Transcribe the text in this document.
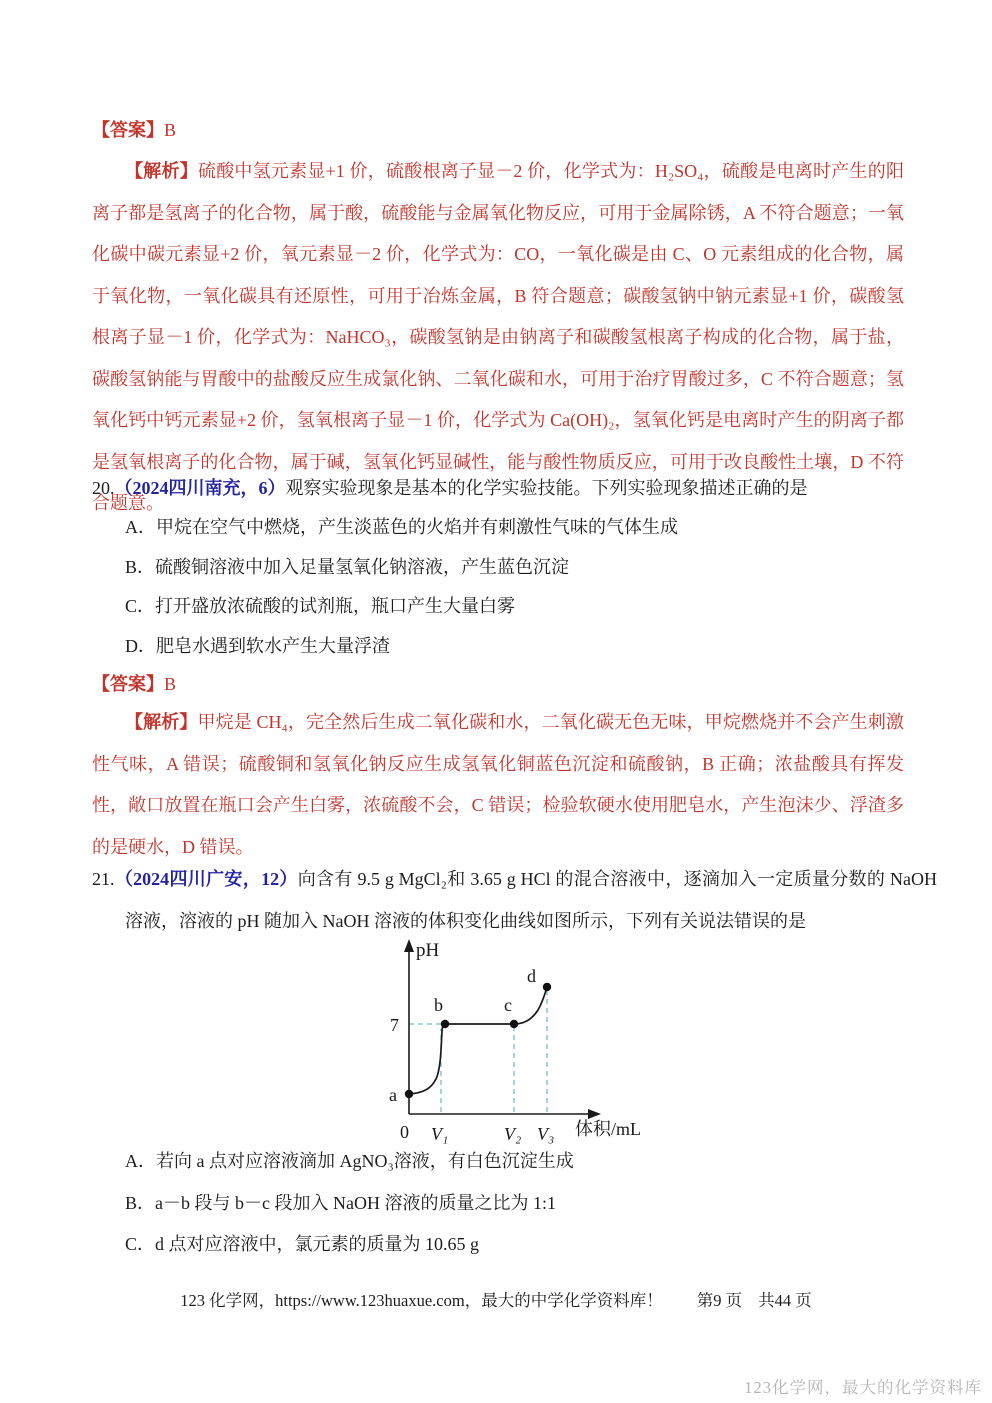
【答案】B
【解析】硫酸中氢元素显+1 价，硫酸根离子显－2 价，化学式为：H₂SO₄，硫酸是电离时产生的阳离子都是氢离子的化合物，属于酸，硫酸能与金属氧化物反应，可用于金属除锈，A 不符合题意；一氧化碳中碳元素显+2 价，氧元素显－2 价，化学式为：CO，一氧化碳是由 C、O 元素组成的化合物，属于氧化物，一氧化碳具有还原性，可用于冶炼金属，B 符合题意；碳酸氢钠中钠元素显+1 价，碳酸氢根离子显－1 价，化学式为：NaHCO₃，碳酸氢钠是由钠离子和碳酸氢根离子构成的化合物，属于盐，碳酸氢钠能与胃酸中的盐酸反应生成氯化钠、二氧化碳和水，可用于治疗胃酸过多，C 不符合题意；氢氧化钙中钙元素显+2 价，氢氧根离子显－1 价，化学式为 Ca(OH)₂，氢氧化钙是电离时产生的阴离子都是氢氧根离子的化合物，属于碱，氢氧化钙显碱性，能与酸性物质反应，可用于改良酸性土壤，D 不符合题意。
20.（2024四川南充，6）观察实验现象是基本的化学实验技能。下列实验现象描述正确的是
A．甲烷在空气中燃烧，产生淡蓝色的火焰并有刺激性气味的气体生成
B．硫酸铜溶液中加入足量氢氧化钠溶液，产生蓝色沉淀
C．打开盛放浓硫酸的试剂瓶，瓶口产生大量白雾
D．肥皂水遇到软水产生大量浮渣
【答案】B
【解析】甲烷是 CH₄，完全然后生成二氧化碳和水，二氧化碳无色无味，甲烷燃烧并不会产生刺激性气味，A 错误；硫酸铜和氢氧化钠反应生成氢氧化铜蓝色沉淀和硫酸钠，B 正确；浓盐酸具有挥发性，敞口放置在瓶口会产生白雾，浓硫酸不会，C 错误；检验软硬水使用肥皂水，产生泡沫少、浮渣多的是硬水，D 错误。
21.（2024四川广安，12）向含有 9.5 g MgCl₂和 3.65 g HCl 的混合溶液中，逐滴加入一定质量分数的 NaOH 溶液，溶液的 pH 随加入 NaOH 溶液的体积变化曲线如图所示，下列有关说法错误的是
pH
7
a
b	c
d
0 V₁	V₂ V₃ 体积/mL
A．若向 a 点对应溶液滴加 AgNO₃溶液，有白色沉淀生成
B．a－b 段与 b－c 段加入 NaOH 溶液的质量之比为 1:1
C．d 点对应溶液中，氯元素的质量为 10.65 g
123 化学网，https://www.123huaxue.com，最大的中学化学资料库！ 第9 页 共44 页
123化学网，最大的化学资料库
